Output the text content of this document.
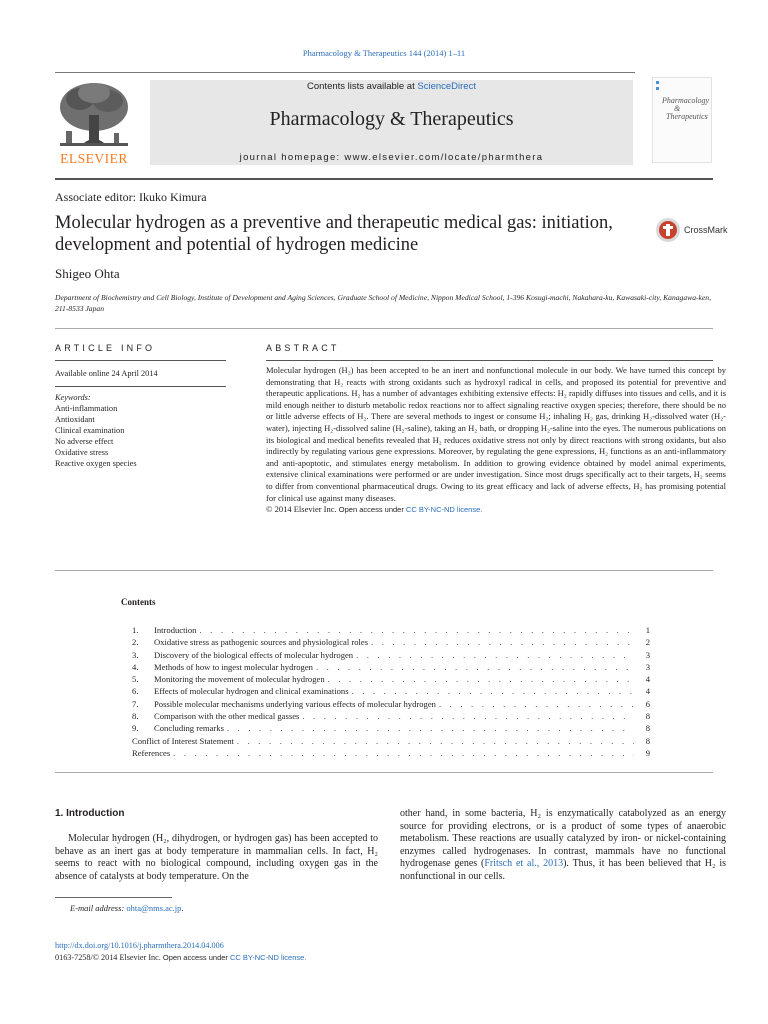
Pharmacology & Therapeutics 144 (2014) 1–11
ELSEVIER
Contents lists available at ScienceDirect
Pharmacology & Therapeutics
journal homepage: www.elsevier.com/locate/pharmthera
Pharmacology
&
Therapeutics
Associate editor: Ikuko Kimura
Molecular hydrogen as a preventive and therapeutic medical gas: initiation, development and potential of hydrogen medicine
CrossMark
Shigeo Ohta
Department of Biochemistry and Cell Biology, Institute of Development and Aging Sciences, Graduate School of Medicine, Nippon Medical School, 1-396 Kosugi-machi, Nakahara-ku, Kawasaki-city, Kanagawa-ken, 211-8533 Japan
ARTICLE INFO	ABSTRACT
Available online 24 April 2014
Keywords:
Anti-inflammation
Antioxidant
Clinical examination
No adverse effect
Oxidative stress
Reactive oxygen species
Molecular hydrogen (H₂) has been accepted to be an inert and nonfunctional molecule in our body. We have turned this concept by demonstrating that H₂ reacts with strong oxidants such as hydroxyl radical in cells, and proposed its potential for preventive and therapeutic applications. H₂ has a number of advantages exhibiting extensive effects: H₂ rapidly diffuses into tissues and cells, and it is mild enough neither to disturb metabolic redox reactions nor to affect signaling reactive oxygen species; therefore, there should be no or little adverse effects of H₂. There are several methods to ingest or consume H₂; inhaling H₂ gas, drinking H₂-dissolved water (H₂-water), injecting H₂-dissolved saline (H₂-saline), taking an H₂ bath, or dropping H₂-saline into the eyes. The numerous publications on its biological and medical benefits revealed that H₂ reduces oxidative stress not only by direct reactions with strong oxidants, but also indirectly by regulating various gene expressions. Moreover, by regulating the gene expressions, H₂ functions as an anti-inflammatory and anti-apoptotic, and stimulates energy metabolism. In addition to growing evidence obtained by model animal experiments, extensive clinical examinations were performed or are under investigation. Since most drugs specifically act to their targets, H₂ seems to differ from conventional pharmaceutical drugs. Owing to its great efficacy and lack of adverse effects, H₂ has promising potential for clinical use against many diseases.
© 2014 Elsevier Inc. Open access under CC BY-NC-ND license.
Contents
1.	Introduction . . .	1
2.	Oxidative stress as pathogenic sources and physiological roles . . .	2
3.	Discovery of the biological effects of molecular hydrogen . . .	3
4.	Methods of how to ingest molecular hydrogen . . .	3
5.	Monitoring the movement of molecular hydrogen . . .	4
6.	Effects of molecular hydrogen and clinical examinations . . .	4
7.	Possible molecular mechanisms underlying various effects of molecular hydrogen . . .	6
8.	Comparison with the other medical gasses . . .	8
9.	Concluding remarks . . .	8
Conflict of Interest Statement . . .	8
References . . .	9
1. Introduction
Molecular hydrogen (H₂, dihydrogen, or hydrogen gas) has been accepted to behave as an inert gas at body temperature in mammalian cells. In fact, H₂ seems to react with no biological compound, including oxygen gas in the absence of catalysts at body temperature. On the
other hand, in some bacteria, H₂ is enzymatically catabolyzed as an energy source for providing electrons, or is a product of some types of anaerobic metabolism. These reactions are usually catalyzed by iron- or nickel-containing enzymes called hydrogenases. In contrast, mammals have no functional hydrogenase genes (Fritsch et al., 2013). Thus, it has been believed that H₂ is nonfunctional in our cells.
E-mail address: ohta@nms.ac.jp.
http://dx.doi.org/10.1016/j.pharmthera.2014.04.006
0163-7258/© 2014 Elsevier Inc. Open access under CC BY-NC-ND license.
